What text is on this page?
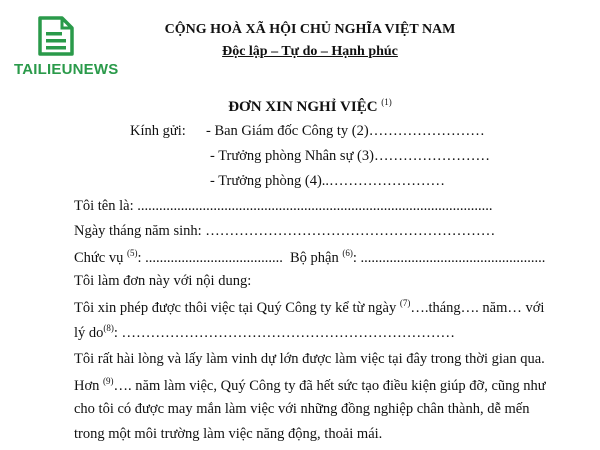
TAILIEUNEWS
CỘNG HOÀ XÃ HỘI CHỦ NGHĨA VIỆT NAM
Độc lập – Tự do – Hạnh phúc
ĐƠN XIN NGHỈ VIỆC $^{(1)}$
Kính gửi: - Ban Giám đốc Công ty (2)……………………
- Trưởng phòng Nhân sự (3)……………………
- Trưởng phòng (4)..……………………
Tôi tên là: ..................................................................................................
Ngày tháng năm sinh: ……………………………………………………
Chức vụ $^{(5)}$: ...................................... Bộ phận $^{(6)}$: ...................................................
Tôi làm đơn này với nội dung:
Tôi xin phép được thôi việc tại Quý Công ty kể từ ngày $^{(7)}$….tháng…. năm… với
lý $do^{(8)}$: ……………………………………………………………
Tôi rất hài lòng và lấy làm vinh dự lớn được làm việc tại đây trong thời gian qua.
Hơn $^{(9)}$…. năm làm việc, Quý Công ty đã hết sức tạo điều kiện giúp đỡ, cũng như
cho tôi có được may mắn làm việc với những đồng nghiệp chân thành, dễ mến
trong một môi trường làm việc năng động, thoải mái.
